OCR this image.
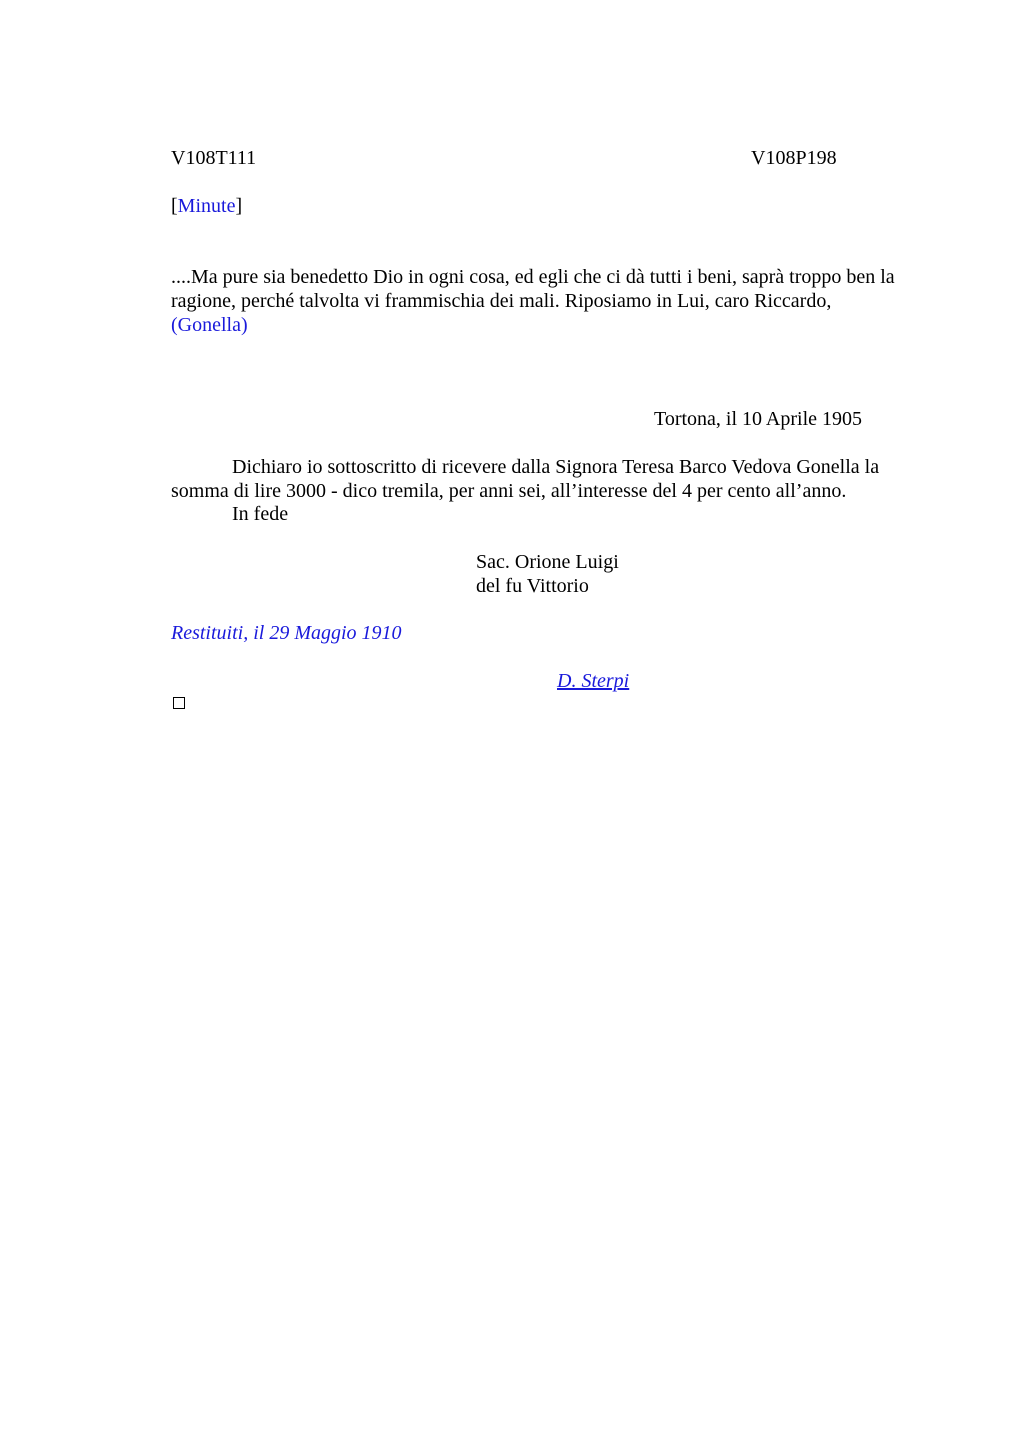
V108T111	V108P198
[Minute]
....Ma pure sia benedetto Dio in ogni cosa, ed egli che ci dà tutti i beni, saprà troppo ben la
ragione, perché talvolta vi frammischia dei mali. Riposiamo in Lui, caro Riccardo,
(Gonella)
Tortona, il 10 Aprile 1905
Dichiaro io sottoscritto di ricevere dalla Signora Teresa Barco Vedova Gonella la
somma di lire 3000 - dico tremila, per anni sei, all’interesse del 4 per cento all’anno.
In fede
Sac. Orione Luigi
del fu Vittorio
Restituiti, il 29 Maggio 1910
D. Sterpi
